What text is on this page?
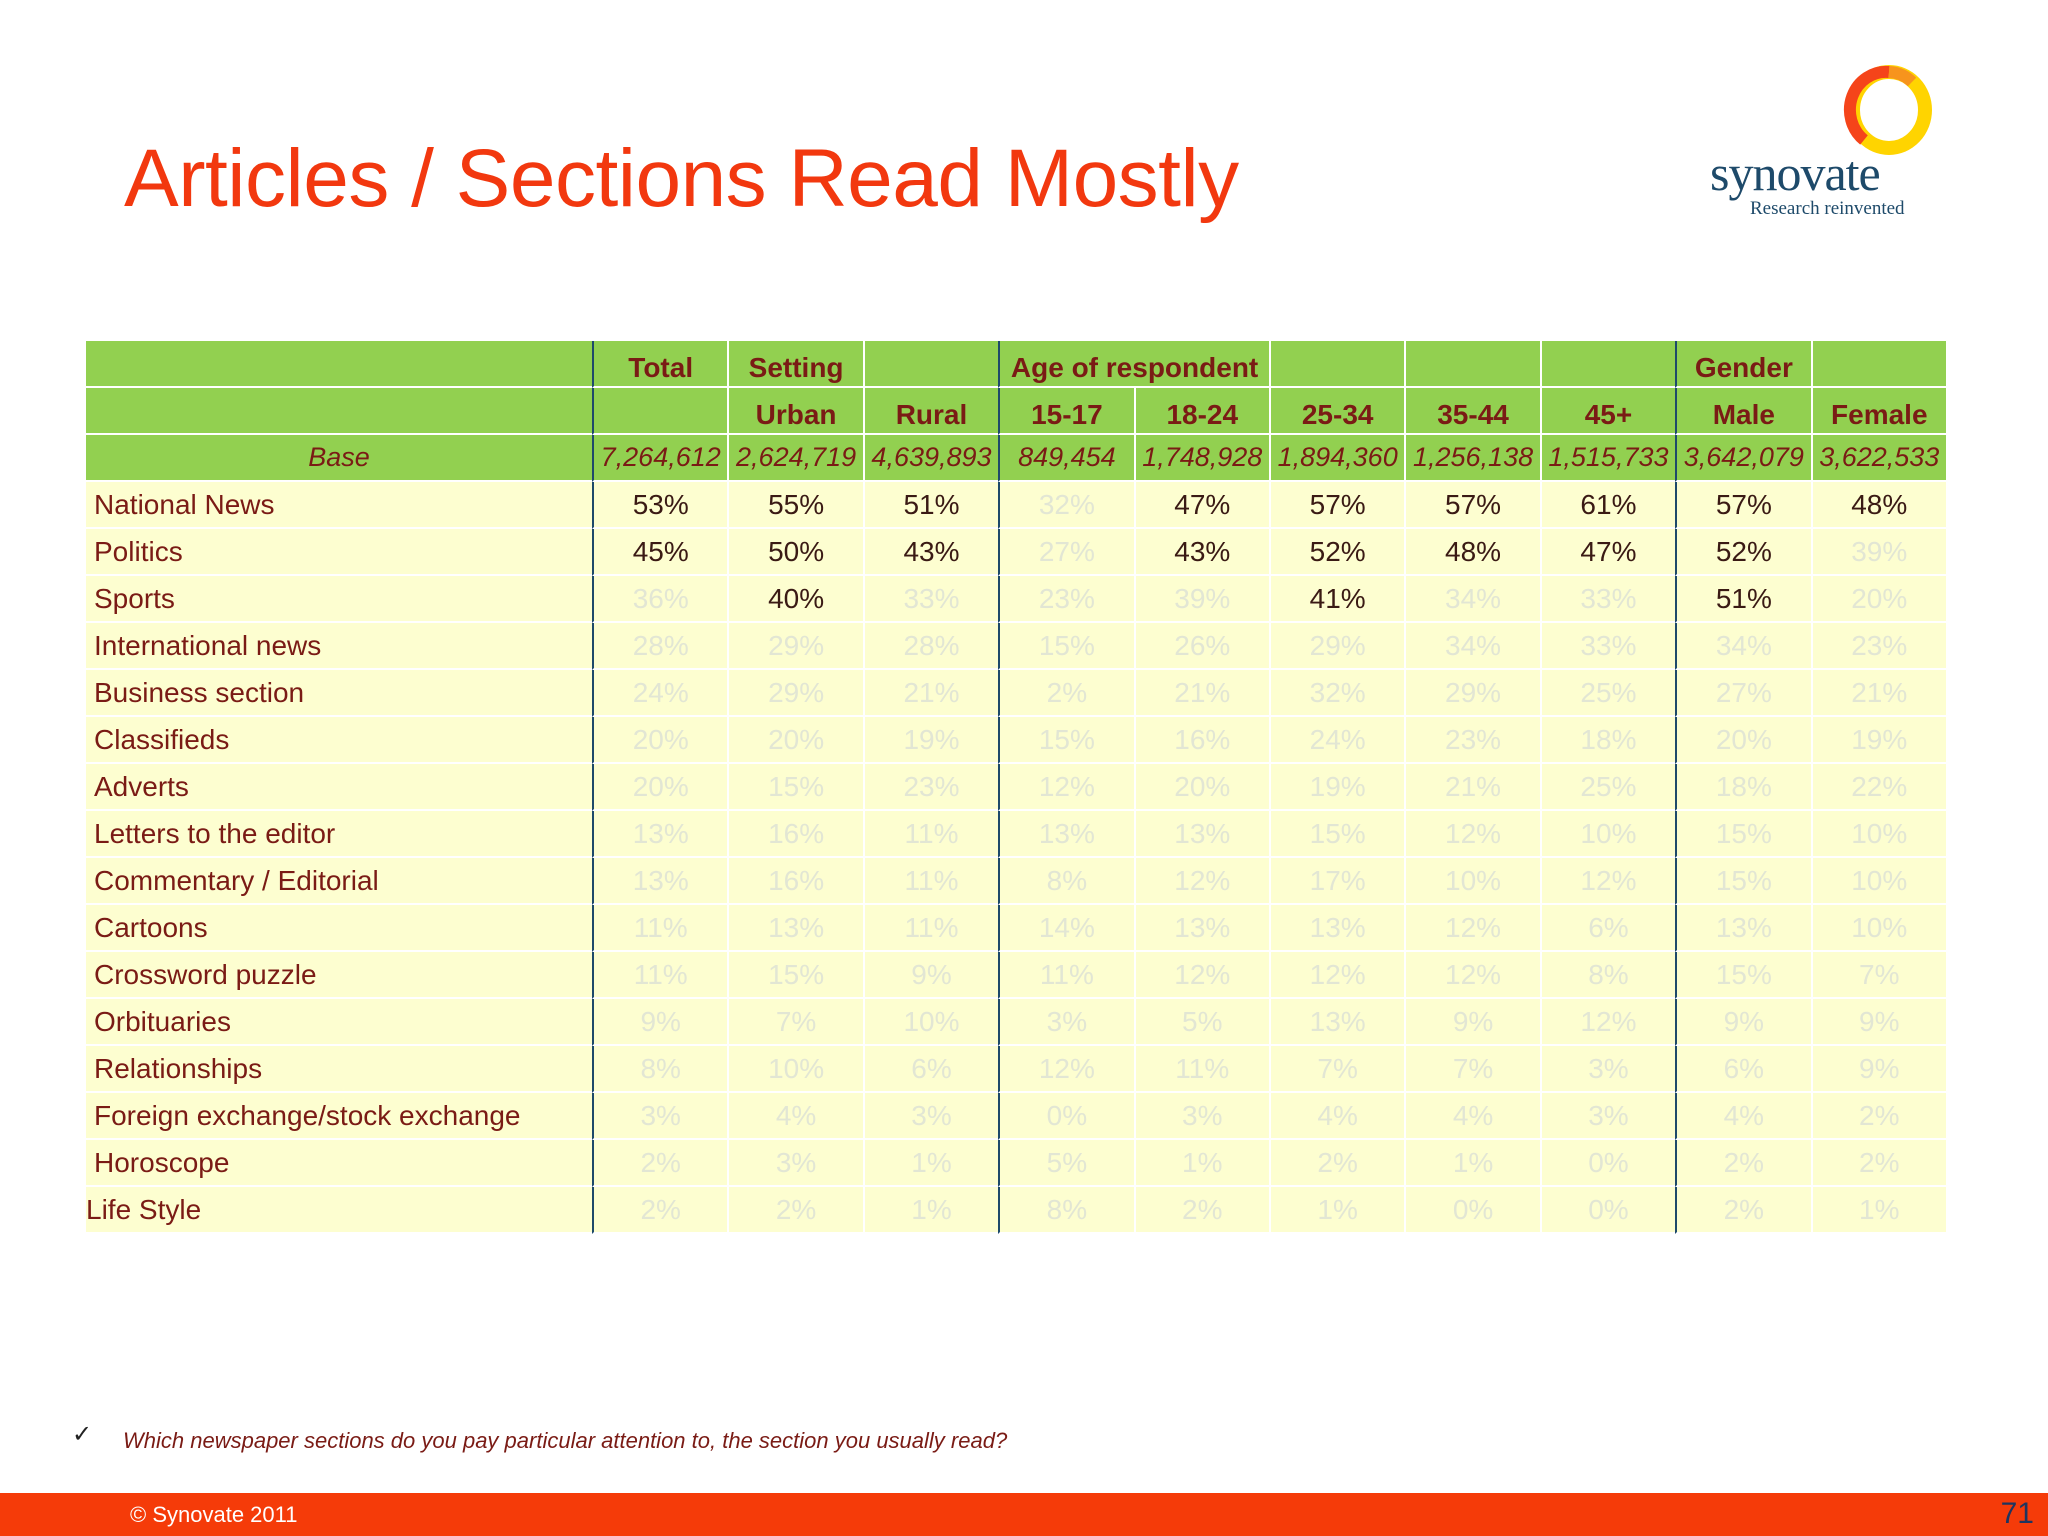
Articles / Sections Read Mostly	synovate
Research reinvented
	Total	Setting		Age of respondent					Gender	
		Urban	Rural	15-17	18-24	25-34	35-44	45+	Male	Female
Base	7,264,612	2,624,719	4,639,893	849,454	1,748,928	1,894,360	1,256,138	1,515,733	3,642,079	3,622,533
National News	53%	55%	51%	32%	47%	57%	57%	61%	57%	48%
Politics	45%	50%	43%	27%	43%	52%	48%	47%	52%	39%
Sports	36%	40%	33%	23%	39%	41%	34%	33%	51%	20%
International news	28%	29%	28%	15%	26%	29%	34%	33%	34%	23%
Business section	24%	29%	21%	2%	21%	32%	29%	25%	27%	21%
Classifieds	20%	20%	19%	15%	16%	24%	23%	18%	20%	19%
Adverts	20%	15%	23%	12%	20%	19%	21%	25%	18%	22%
Letters to the editor	13%	16%	11%	13%	13%	15%	12%	10%	15%	10%
Commentary / Editorial	13%	16%	11%	8%	12%	17%	10%	12%	15%	10%
Cartoons	11%	13%	11%	14%	13%	13%	12%	6%	13%	10%
Crossword puzzle	11%	15%	9%	11%	12%	12%	12%	8%	15%	7%
Orbituaries	9%	7%	10%	3%	5%	13%	9%	12%	9%	9%
Relationships	8%	10%	6%	12%	11%	7%	7%	3%	6%	9%
Foreign exchange/stock exchange	3%	4%	3%	0%	3%	4%	4%	3%	4%	2%
Horoscope	2%	3%	1%	5%	1%	2%	1%	0%	2%	2%
Life Style	2%	2%	1%	8%	2%	1%	0%	0%	2%	1%
✓ Which newspaper sections do you pay particular attention to, the section you usually read?
© Synovate 2011	71
